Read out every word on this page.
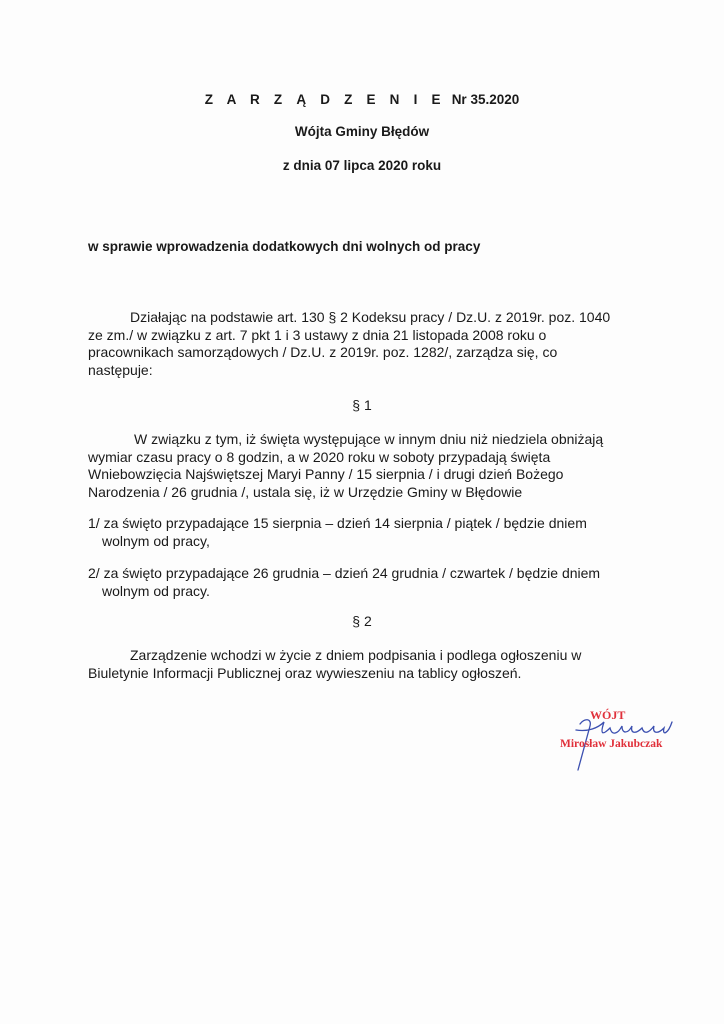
Z A R Z Ą D Z E N I E Nr 35.2020
Wójta Gminy Błędów
z dnia 07 lipca 2020 roku
w sprawie wprowadzenia dodatkowych dni wolnych od pracy
Działając na podstawie art. 130 § 2 Kodeksu pracy / Dz.U. z 2019r. poz. 1040
ze zm./ w związku z art. 7 pkt 1 i 3 ustawy z dnia 21 listopada 2008 roku o
pracownikach samorządowych / Dz.U. z 2019r. poz. 1282/, zarządza się, co
następuje:
§ 1
W związku z tym, iż święta występujące w innym dniu niż niedziela obniżają
wymiar czasu pracy o 8 godzin, a w 2020 roku w soboty przypadają święta
Wniebowzięcia Najświętszej Maryi Panny / 15 sierpnia / i drugi dzień Bożego
Narodzenia / 26 grudnia /, ustala się, iż w Urzędzie Gminy w Błędowie
1/ za święto przypadające 15 sierpnia – dzień 14 sierpnia / piątek / będzie dniem
wolnym od pracy,
2/ za święto przypadające 26 grudnia – dzień 24 grudnia / czwartek / będzie dniem
wolnym od pracy.
§ 2
Zarządzenie wchodzi w życie z dniem podpisania i podlega ogłoszeniu w
Biuletynie Informacji Publicznej oraz wywieszeniu na tablicy ogłoszeń.
WÓJT
Mirosław Jakubczak
